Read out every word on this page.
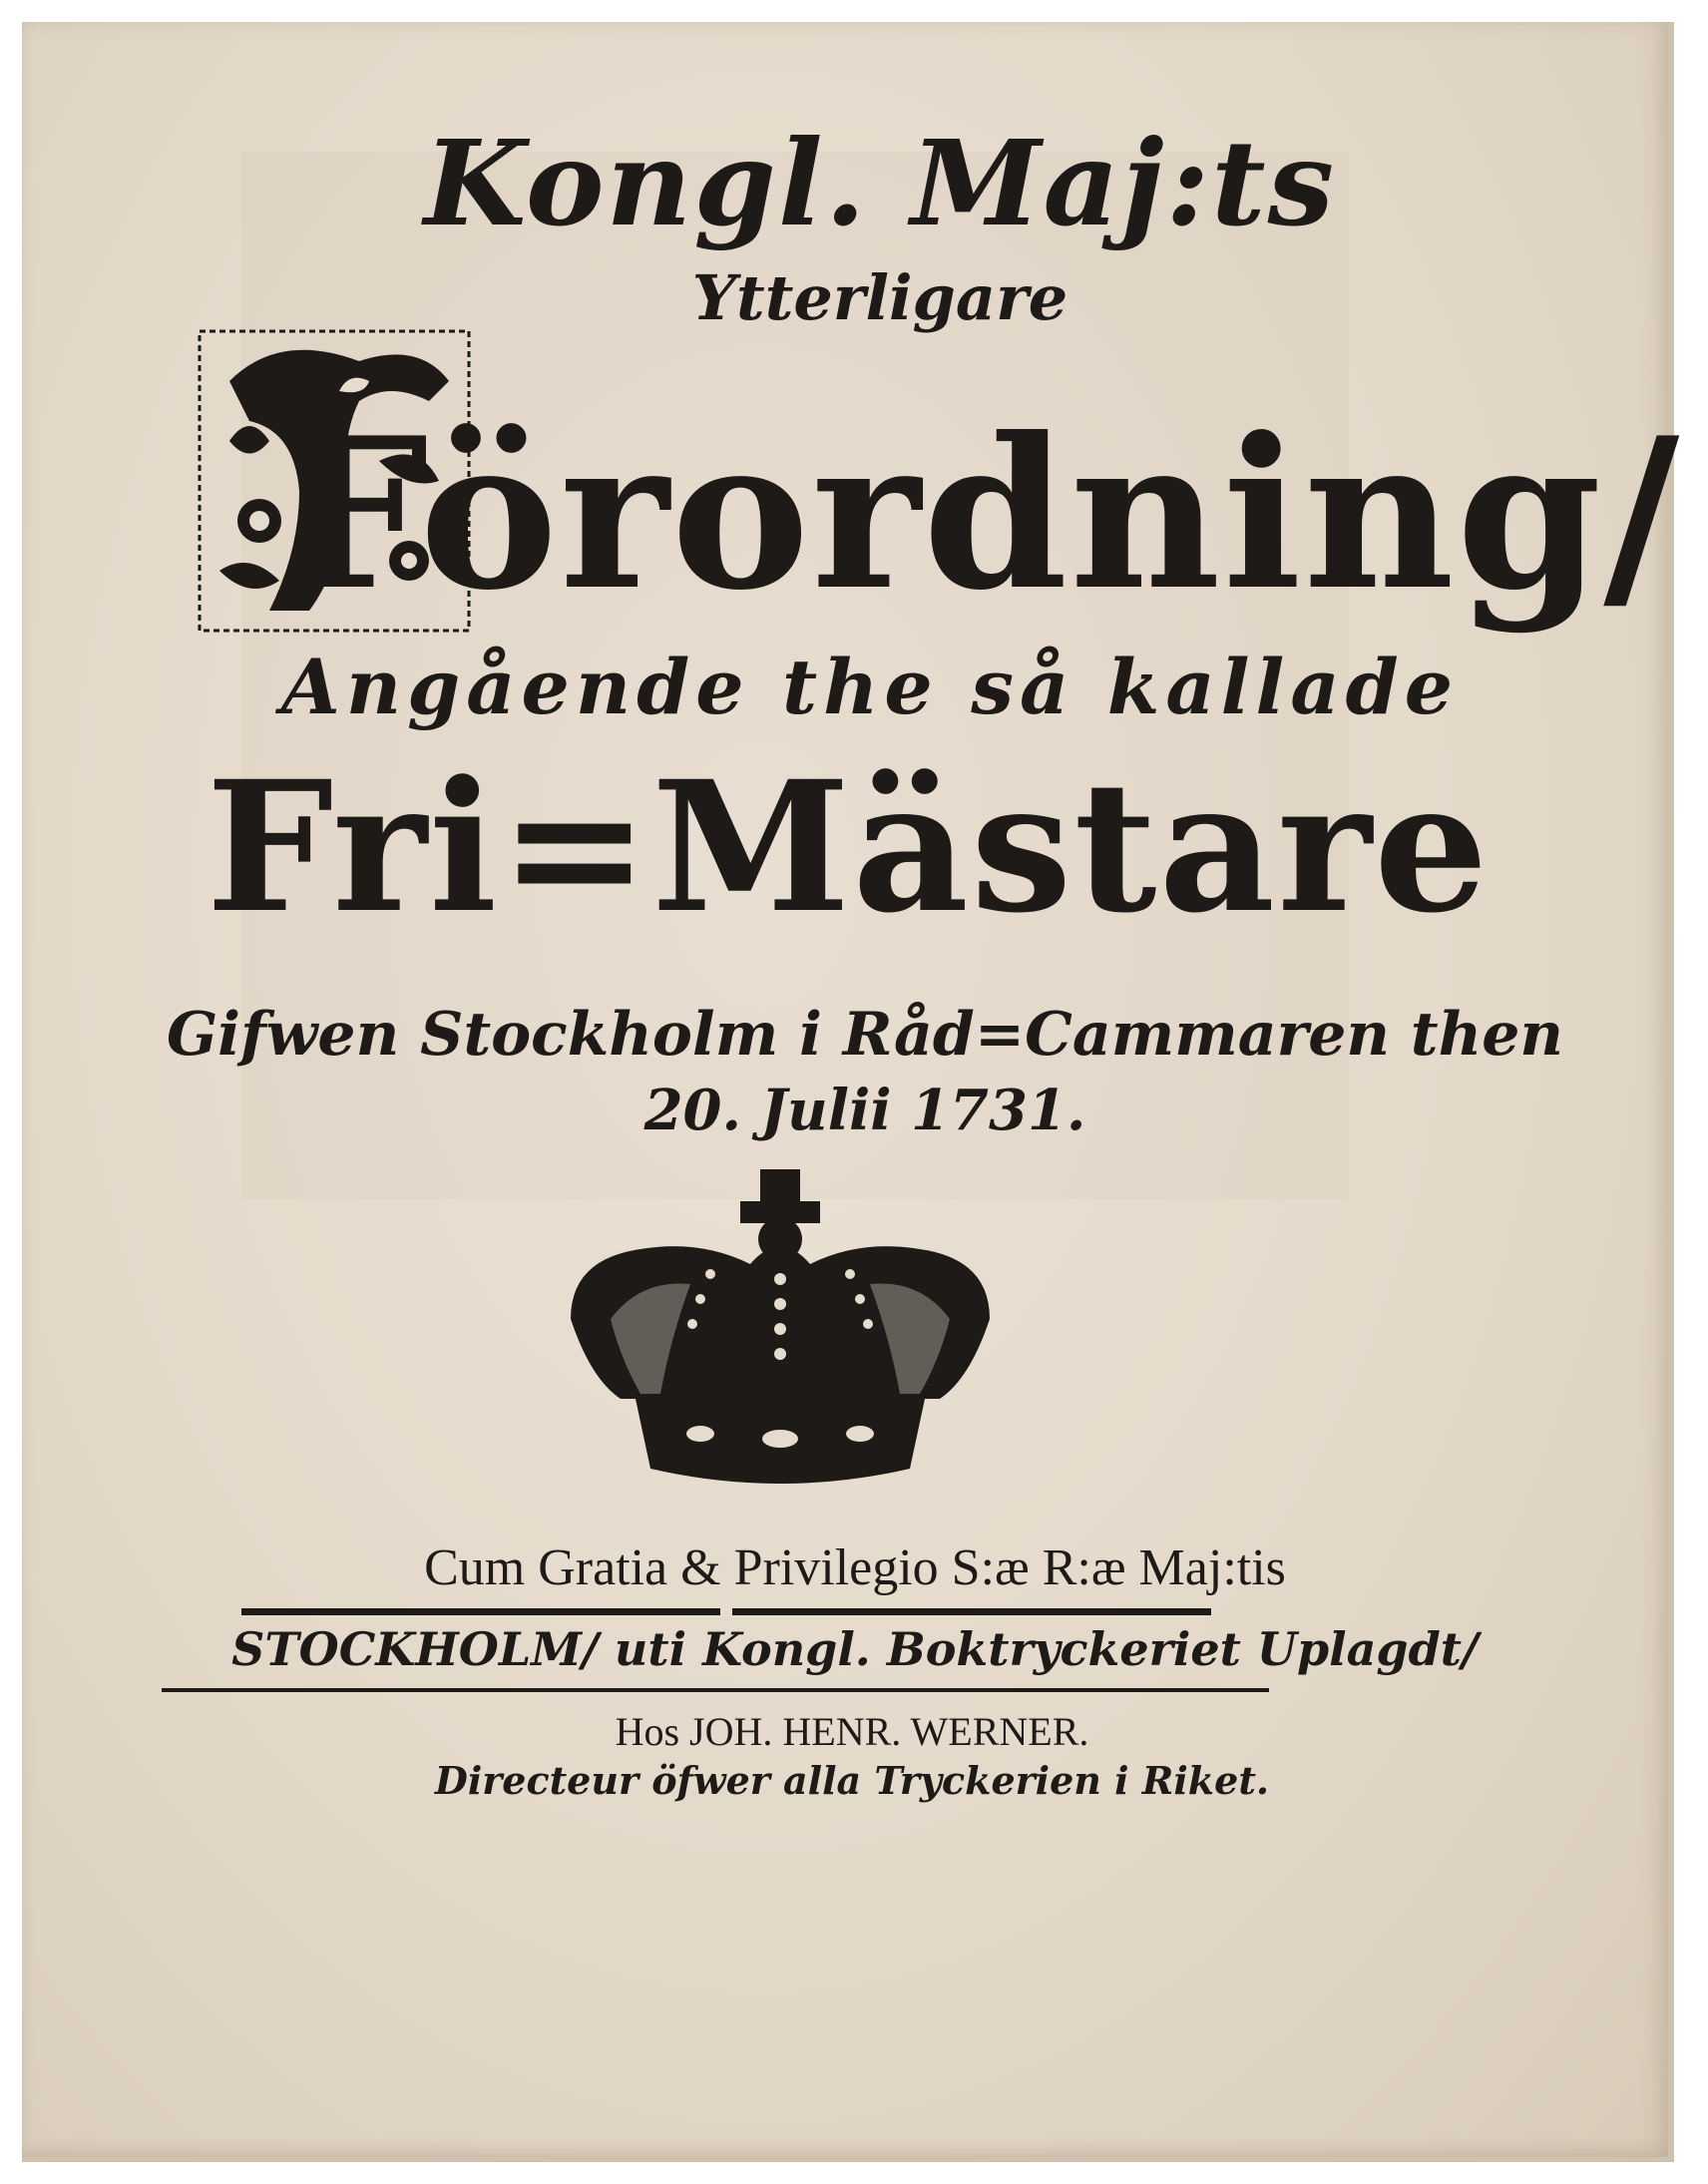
Kongl. Maj:ts
Ytterligare
Förordning/
Angående the så kallade
Fri=Mästare
Gifwen Stockholm i Råd=Cammaren then
20. Julii 1731.
Cum Gratia & Privilegio S:æ R:æ Maj:tis
STOCKHOLM/ uti Kongl. Boktryckeriet Uplagdt/
Hos JOH. HENR. WERNER.
Directeur öfwer alla Tryckerien i Riket.
